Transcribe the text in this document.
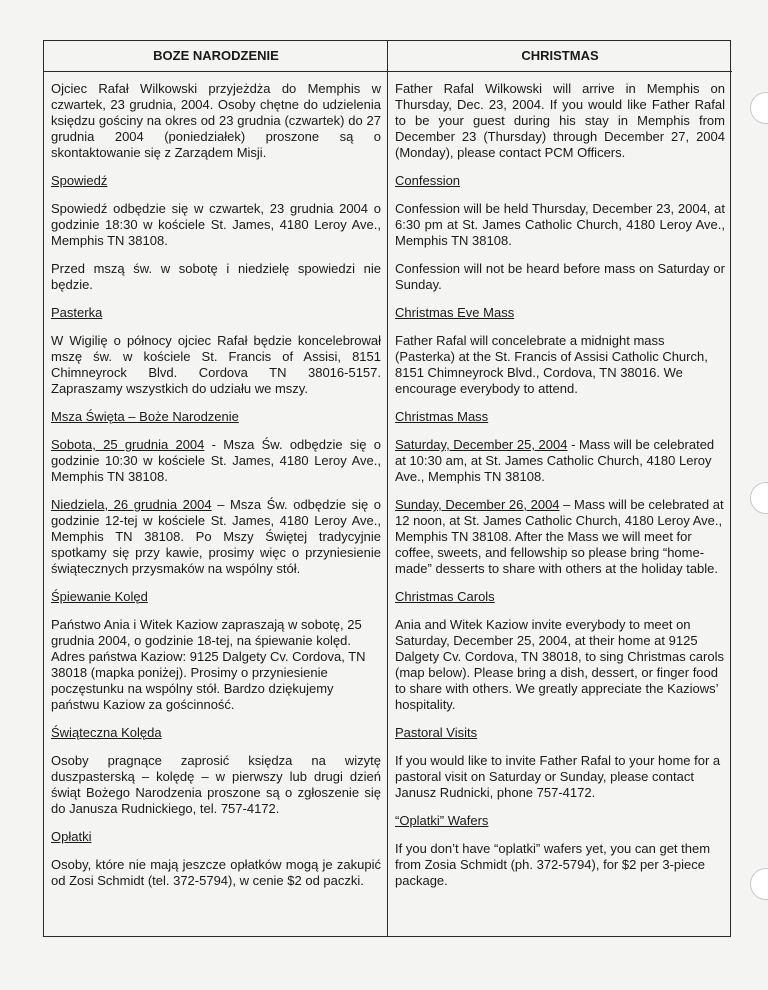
BOZE NARODZENIE
Ojciec Rafał Wilkowski przyjeżdża do Memphis w czwartek, 23 grudnia, 2004. Osoby chętne do udzielenia księdzu gościny na okres od 23 grudnia (czwartek) do 27 grudnia 2004 (poniedziałek) proszone są o skontaktowanie się z Zarządem Misji.
Spowiedź
Spowiedź odbędzie się w czwartek, 23 grudnia 2004 o godzinie 18:30 w kościele St. James, 4180 Leroy Ave., Memphis TN 38108.
Przed mszą św. w sobotę i niedzielę spowiedzi nie będzie.
Pasterka
W Wigilię o północy ojciec Rafał będzie koncelebrował mszę św. w kościele St. Francis of Assisi, 8151 Chimneyrock Blvd. Cordova TN 38016-5157. Zapraszamy wszystkich do udziału we mszy.
Msza Święta – Boże Narodzenie
Sobota, 25 grudnia 2004 - Msza Św. odbędzie się o godzinie 10:30 w kościele St. James, 4180 Leroy Ave., Memphis TN 38108.
Niedziela, 26 grudnia 2004 – Msza Św. odbędzie się o godzinie 12-tej w kościele St. James, 4180 Leroy Ave., Memphis TN 38108. Po Mszy Świętej tradycyjnie spotkamy się przy kawie, prosimy więc o przyniesienie świątecznych przysmaków na wspólny stół.
Śpiewanie Kolęd
Państwo Ania i Witek Kaziow zapraszają w sobotę, 25 grudnia 2004, o godzinie 18-tej, na śpiewanie kolęd. Adres państwa Kaziow: 9125 Dalgety Cv. Cordova, TN 38018 (mapka poniżej). Prosimy o przyniesienie poczęstunku na wspólny stół. Bardzo dziękujemy państwu Kaziow za gościnność.
Świąteczna Kolęda
Osoby pragnące zaprosić księdza na wizytę duszpasterską – kolędę – w pierwszy lub drugi dzień świąt Bożego Narodzenia proszone są o zgłoszenie się do Janusza Rudnickiego, tel. 757-4172.
Opłatki
Osoby, które nie mają jeszcze opłatków mogą je zakupić od Zosi Schmidt (tel. 372-5794), w cenie $2 od paczki.
CHRISTMAS
Father Rafal Wilkowski will arrive in Memphis on Thursday, Dec. 23, 2004. If you would like Father Rafal to be your guest during his stay in Memphis from December 23 (Thursday) through December 27, 2004 (Monday), please contact PCM Officers.
Confession
Confession will be held Thursday, December 23, 2004, at 6:30 pm at St. James Catholic Church, 4180 Leroy Ave., Memphis TN 38108.
Confession will not be heard before mass on Saturday or Sunday.
Christmas Eve Mass
Father Rafal will concelebrate a midnight mass (Pasterka) at the St. Francis of Assisi Catholic Church, 8151 Chimneyrock Blvd., Cordova, TN 38016. We encourage everybody to attend.
Christmas Mass
Saturday, December 25, 2004 - Mass will be celebrated at 10:30 am, at St. James Catholic Church, 4180 Leroy Ave., Memphis TN 38108.
Sunday, December 26, 2004 – Mass will be celebrated at 12 noon, at St. James Catholic Church, 4180 Leroy Ave., Memphis TN 38108. After the Mass we will meet for coffee, sweets, and fellowship so please bring “home-made” desserts to share with others at the holiday table.
Christmas Carols
Ania and Witek Kaziow invite everybody to meet on Saturday, December 25, 2004, at their home at 9125 Dalgety Cv. Cordova, TN 38018, to sing Christmas carols (map below). Please bring a dish, dessert, or finger food to share with others. We greatly appreciate the Kaziows’ hospitality.
Pastoral Visits
If you would like to invite Father Rafal to your home for a pastoral visit on Saturday or Sunday, please contact Janusz Rudnicki, phone 757-4172.
“Oplatki” Wafers
If you don’t have “oplatki” wafers yet, you can get them from Zosia Schmidt (ph. 372-5794), for $2 per 3-piece package.
